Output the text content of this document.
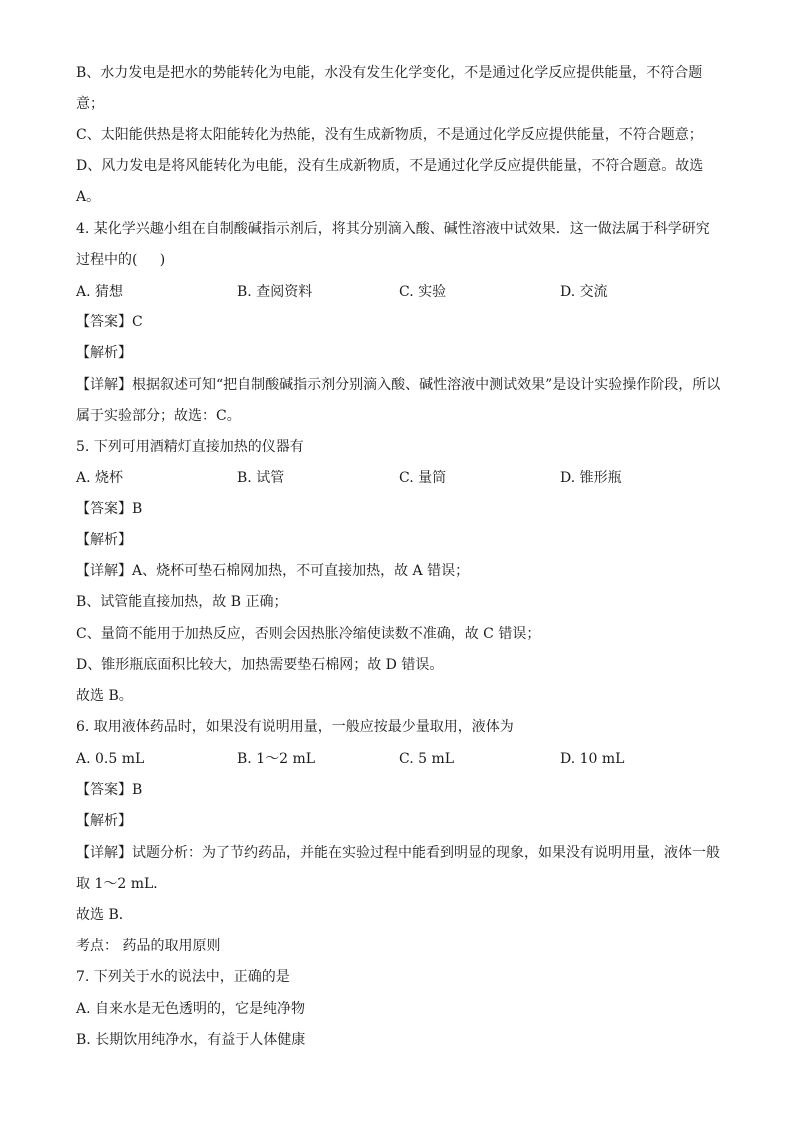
B、水力发电是把水的势能转化为电能，水没有发生化学变化，不是通过化学反应提供能量，不符合题
意；
C、太阳能供热是将太阳能转化为热能，没有生成新物质，不是通过化学反应提供能量，不符合题意；
D、风力发电是将风能转化为电能，没有生成新物质，不是通过化学反应提供能量，不符合题意。故选
A。
4. 某化学兴趣小组在自制酸碱指示剂后，将其分别滴入酸、碱性溶液中试效果．这一做法属于科学研究
过程中的(     )
A. 猜想	B. 查阅资料	C. 实验	D. 交流
【答案】C
【解析】
【详解】根据叙述可知“把自制酸碱指示剂分别滴入酸、碱性溶液中测试效果”是设计实验操作阶段，所以
属于实验部分；故选：C。
5. 下列可用酒精灯直接加热的仪器有
A. 烧杯	B. 试管	C. 量筒	D. 锥形瓶
【答案】B
【解析】
【详解】A、烧杯可垫石棉网加热，不可直接加热，故 A 错误；
B、试管能直接加热，故 B 正确；
C、量筒不能用于加热反应，否则会因热胀冷缩使读数不准确，故 C 错误；
D、锥形瓶底面积比较大，加热需要垫石棉网；故 D 错误。
故选 B。
6. 取用液体药品时，如果没有说明用量，一般应按最少量取用，液体为
A. 0.5 mL	B. 1～2 mL	C. 5 mL	D. 10 mL
【答案】B
【解析】
【详解】试题分析：为了节约药品，并能在实验过程中能看到明显的现象，如果没有说明用量，液体一般
取 1～2 mL．
故选 B．
考点： 药品的取用原则
7. 下列关于水的说法中，正确的是
A. 自来水是无色透明的，它是纯净物
B. 长期饮用纯净水，有益于人体健康
